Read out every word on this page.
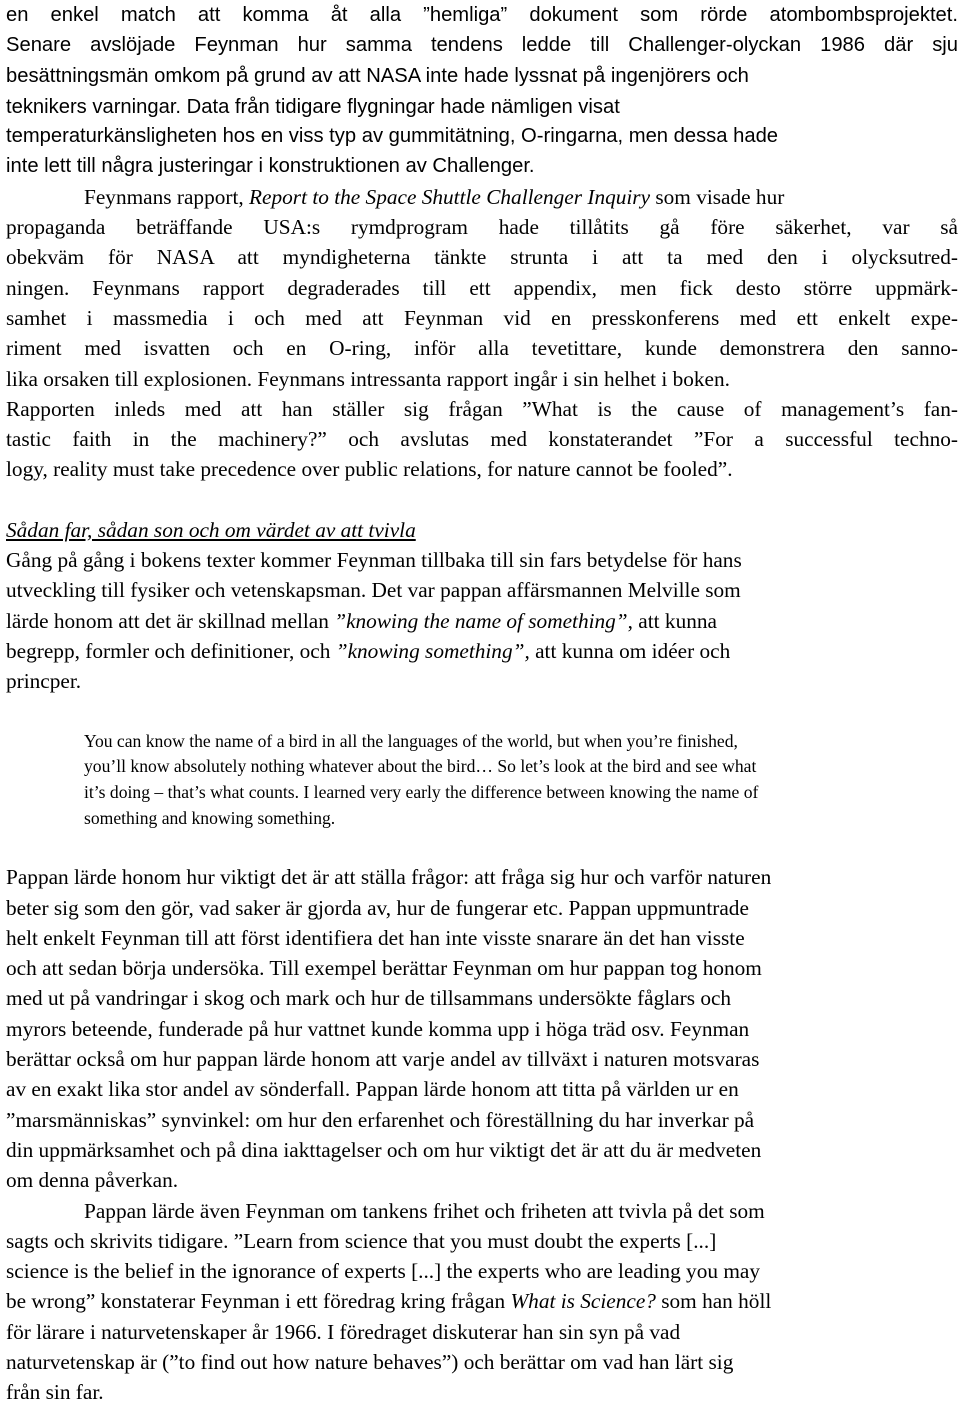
en enkel match att komma åt alla ”hemliga” dokument som rörde atombombsprojektet.
Senare avslöjade Feynman hur samma tendens ledde till Challenger-olyckan 1986 där sju
besättningsmän omkom på grund av att NASA inte hade lyssnat på ingenjörers och
teknikers varningar. Data från tidigare flygningar hade nämligen visat
temperaturkänsligheten hos en viss typ av gummitätning, O-ringarna, men dessa hade
inte lett till några justeringar i konstruktionen av Challenger.
Feynmans rapport, Report to the Space Shuttle Challenger Inquiry som visade hur
propaganda beträffande USA:s rymdprogram hade tillåtits gå före säkerhet, var så
obekväm för NASA att myndigheterna tänkte strunta i att ta med den i olycksutred-
ningen. Feynmans rapport degraderades till ett appendix, men fick desto större uppmärk-
samhet i massmedia i och med att Feynman vid en presskonferens med ett enkelt expe-
riment med isvatten och en O-ring, inför alla tevetittare, kunde demonstrera den sanno-
lika orsaken till explosionen. Feynmans intressanta rapport ingår i sin helhet i boken.
Rapporten inleds med att han ställer sig frågan ”What is the cause of management’s fan-
tastic faith in the machinery?” och avslutas med konstaterandet ”For a successful techno-
logy, reality must take precedence over public relations, for nature cannot be fooled”.
Sådan far, sådan son och om värdet av att tvivla
Gång på gång i bokens texter kommer Feynman tillbaka till sin fars betydelse för hans
utveckling till fysiker och vetenskapsman. Det var pappan affärsmannen Melville som
lärde honom att det är skillnad mellan ”knowing the name of something”, att kunna
begrepp, formler och definitioner, och ”knowing something”, att kunna om idéer och
princper.
You can know the name of a bird in all the languages of the world, but when you’re finished,
you’ll know absolutely nothing whatever about the bird… So let’s look at the bird and see what
it’s doing – that’s what counts. I learned very early the difference between knowing the name of
something and knowing something.
Pappan lärde honom hur viktigt det är att ställa frågor: att fråga sig hur och varför naturen
beter sig som den gör, vad saker är gjorda av, hur de fungerar etc. Pappan uppmuntrade
helt enkelt Feynman till att först identifiera det han inte visste snarare än det han visste
och att sedan börja undersöka. Till exempel berättar Feynman om hur pappan tog honom
med ut på vandringar i skog och mark och hur de tillsammans undersökte fåglars och
myrors beteende, funderade på hur vattnet kunde komma upp i höga träd osv. Feynman
berättar också om hur pappan lärde honom att varje andel av tillväxt i naturen motsvaras
av en exakt lika stor andel av sönderfall. Pappan lärde honom att titta på världen ur en
”marsmänniskas” synvinkel: om hur den erfarenhet och föreställning du har inverkar på
din uppmärksamhet och på dina iakttagelser och om hur viktigt det är att du är medveten
om denna påverkan.
Pappan lärde även Feynman om tankens frihet och friheten att tvivla på det som
sagts och skrivits tidigare. ”Learn from science that you must doubt the experts [...]
science is the belief in the ignorance of experts [...] the experts who are leading you may
be wrong” konstaterar Feynman i ett föredrag kring frågan What is Science? som han höll
för lärare i naturvetenskaper år 1966. I föredraget diskuterar han sin syn på vad
naturvetenskap är (”to find out how nature behaves”) och berättar om vad han lärt sig
från sin far.
